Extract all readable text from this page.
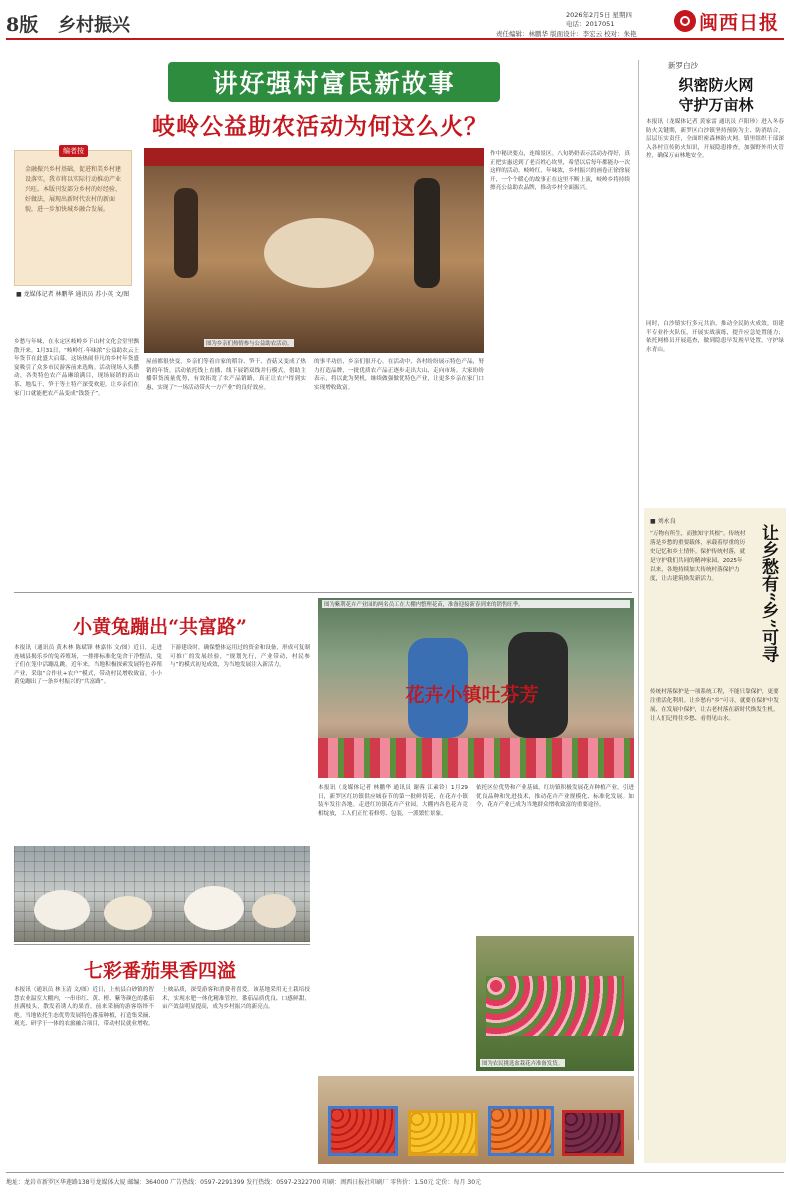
8版 乡村振兴	2026年2月5日 星期四
电话：2017051
责任编辑：林鹏华 版面设计：李宏云 校对：朱艳
闽西日报
讲好强村富民新故事
岐岭公益助农活动为何这么火？
编者按
金融振兴乡村基础，促进和美乡村建设落实，我市将以实际行动推动产业兴旺。本版刊发部分乡村的好经验、好做法，展现出新时代农村的新面貌，进一步加快城乡融合发展。
■ 龙媒体记者 林鹏华 通讯员 苏小英 文/图
图为乡亲们热情参与公益助农活动。
乡愁与年味，在永定区岐岭乡下山村文化会堂里飘散开来。1月31日，“岐岭红·年味浓”公益助农云上年货节在此盛大启幕，这场热闹非凡的乡村年货盛宴吸引了众多市民游客前来选购。活动现场人头攒动，各类特色农产品琳琅满目，现场展销的高山茶、地瓜干、笋干等土特产深受欢迎，让乡亲们在家门口就能把农产品变成“钱袋子”。
屋前都很快变，乡亲们等着自家的稻谷、笋干、香菇又变成了热销的年货。活动依托线上直播、线下展销双线并行模式，借助主播带货流量优势，有效拓宽了农产品销路，真正让农户得到实惠，实现了“一场活动带火一方产业”的良好效应。
的事半功倍，乡亲们很开心。在活动中，各村纷纷展示特色产品，努力打造品牌，一批优质农产品正逐步走出大山、走向市场。大家纷纷表示，将以此为契机，继续做强做优特色产业，让更多乡亲在家门口实现增收致富。
作中秘诀要点，连绵景区。八旬奶奶表示活动办得好，真正把实惠送到了老百姓心坎里，希望以后每年都能办一次这样的活动。岐岭红、年味浓，乡村振兴的画卷正徐徐展开，一个个暖心的故事正在这里不断上演，岐岭乡将持续擦亮公益助农品牌，推动乡村全面振兴。
新罗白沙
织密防火网
守护万亩林
本报讯（龙媒体记者 黄家雷 通讯员 卢阳珍）进入冬春防火关键期，新罗区白沙镇坚持预防为主、防消结合，层层压实责任，全面织密森林防火网。镇里组织干部深入各村宣传防火知识，开展隐患排查，加强野外用火管控，确保万亩林地安全。
同时，白沙镇实行多元共治，推动全民防火成效。组建半专业扑火队伍，开展实战演练，提升应急处置能力；依托网格员开展巡查，做到隐患早发现早处置，守护绿水青山。
■ 刘永良
让乡愁有“乡”可寻
“万物有所生，而独知守其根”。传统村落是乡愁的重要载体，承载着厚重的历史记忆和乡土情怀。保护传统村落，就是守护我们共同的精神家园。2025年以来，各地持续加大传统村落保护力度，让古建筑焕发新活力。
传统村落保护是一项系统工程，不能只靠保护，更要注重活化利用。让乡愁有“乡”可寻，就要在保护中发展、在发展中保护，让古老村落在新时代焕发生机，让人们记得住乡愁、看得见山水。
小黄兔蹦出“共富路”
本报讯（通讯员 黄木林 陈斌锋 林嘉伟 文/图）近日，走进连城县揭乐乡的兔养殖场，一排排标准化兔舍干净整洁，兔子们在笼中活蹦乱跳。近年来，当地积极探索发展特色养殖产业，采取“合作社+农户”模式，带动村民增收致富，小小黄兔蹦出了一条乡村振兴的“共富路”。
下游建设时，确保整体运用过的资金和设备，形成可复制可推广的发展经验，“规划先行，产业带动，村民参与”的模式初见成效，为当地发展注入新活力。
图为紫荆花卉产业园的两名员工在大棚内整理花苗，准备迎接新春到来的销售旺季。
花卉小镇吐芬芳
本报讯（龙媒体记者 林鹏华 通讯员 谢蓉 江素铃）1月29日，新罗区红坊镇供应城春节的第一批鲜切花，在花卉小镇装车发往各地。走进红坊镇花卉产业园，大棚内各色花卉竞相绽放，工人们正忙着修剪、包装，一派繁忙景象。
依托区位优势和产业基础，红坊镇积极发展花卉种植产业，引进优良品种和先进技术，推动花卉产业规模化、标准化发展。如今，花卉产业已成为当地群众增收致富的重要途径。
图为农民挑选盆栽花卉准备发货。
七彩番茄果香四溢
本报讯（通讯员 林玉清 文/图）近日，上杭县白砂镇的智慧农业温室大棚内，一串串红、黄、橙、紫等颜色的番茄挂满枝头，散发着诱人的果香，前来采摘的游客络绎不绝。当地依托生态优势发展特色番茄种植，打造集采摘、观光、研学于一体的农旅融合项目，带动村民就业增收。
上映品质，深受游客和消费者喜爱。该基地采用无土栽培技术，实现水肥一体化精准管控，番茄品质优良、口感鲜甜，亩产效益明显提高，成为乡村振兴的新亮点。
地址：龙岩市新罗区华莲路138号龙媒体大厦 邮编：364000 广告热线：0597-2291399 发行热线：0597-2322700 印刷：闽西日报社印刷厂 零售价：1.50元 定价：每月 30元
